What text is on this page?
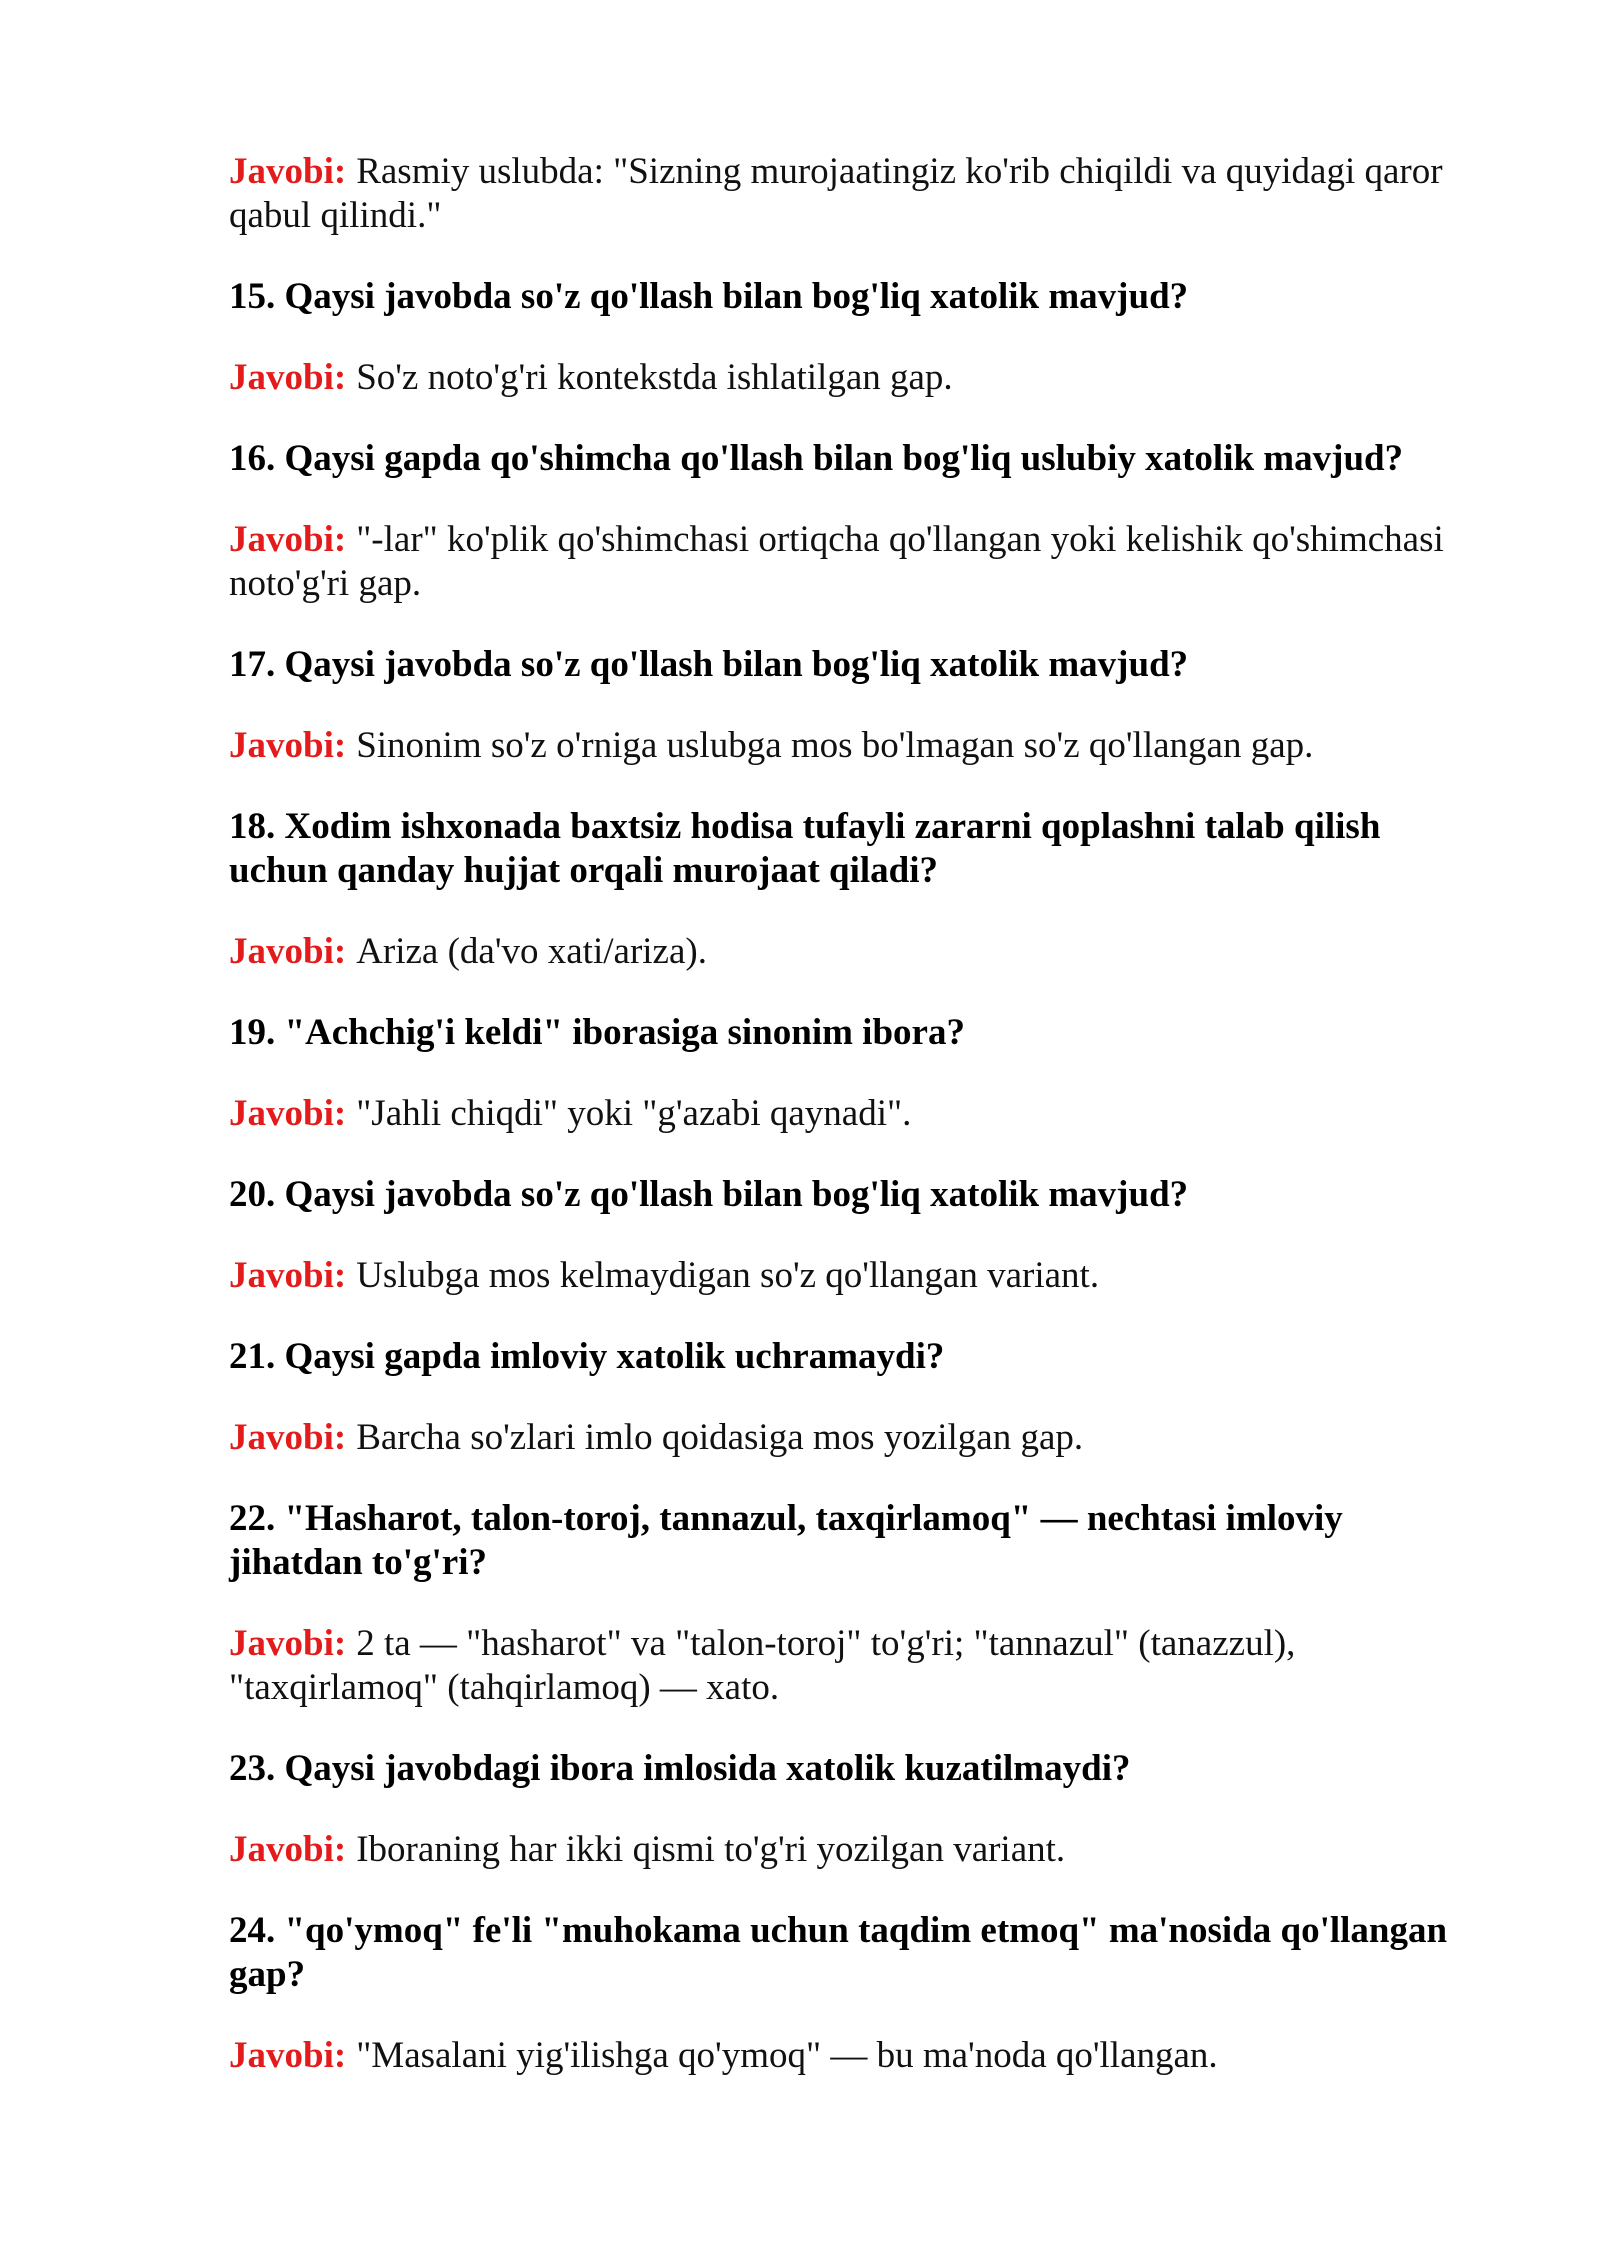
Javobi: Rasmiy uslubda: "Sizning murojaatingiz ko'rib chiqildi va quyidagi qaror qabul qilindi."

15. Qaysi javobda so'z qo'llash bilan bog'liq xatolik mavjud?

Javobi: So'z noto'g'ri kontekstda ishlatilgan gap.

16. Qaysi gapda qo'shimcha qo'llash bilan bog'liq uslubiy xatolik mavjud?

Javobi: "-lar" ko'plik qo'shimchasi ortiqcha qo'llangan yoki kelishik qo'shimchasi noto'g'ri gap.

17. Qaysi javobda so'z qo'llash bilan bog'liq xatolik mavjud?

Javobi: Sinonim so'z o'rniga uslubga mos bo'lmagan so'z qo'llangan gap.

18. Xodim ishxonada baxtsiz hodisa tufayli zararni qoplashni talab qilish uchun qanday hujjat orqali murojaat qiladi?

Javobi: Ariza (da'vo xati/ariza).

19. "Achchig'i keldi" iborasiga sinonim ibora?

Javobi: "Jahli chiqdi" yoki "g'azabi qaynadi".

20. Qaysi javobda so'z qo'llash bilan bog'liq xatolik mavjud?

Javobi: Uslubga mos kelmaydigan so'z qo'llangan variant.

21. Qaysi gapda imloviy xatolik uchramaydi?

Javobi: Barcha so'zlari imlo qoidasiga mos yozilgan gap.

22. "Hasharot, talon-toroj, tannazul, taxqirlamoq" — nechtasi imloviy jihatdan to'g'ri?

Javobi: 2 ta — "hasharot" va "talon-toroj" to'g'ri; "tannazul" (tanazzul), "taxqirlamoq" (tahqirlamoq) — xato.

23. Qaysi javobdagi ibora imlosida xatolik kuzatilmaydi?

Javobi: Iboraning har ikki qismi to'g'ri yozilgan variant.

24. "qo'ymoq" fe'li "muhokama uchun taqdim etmoq" ma'nosida qo'llangan gap?

Javobi: "Masalani yig'ilishga qo'ymoq" — bu ma'noda qo'llangan.
